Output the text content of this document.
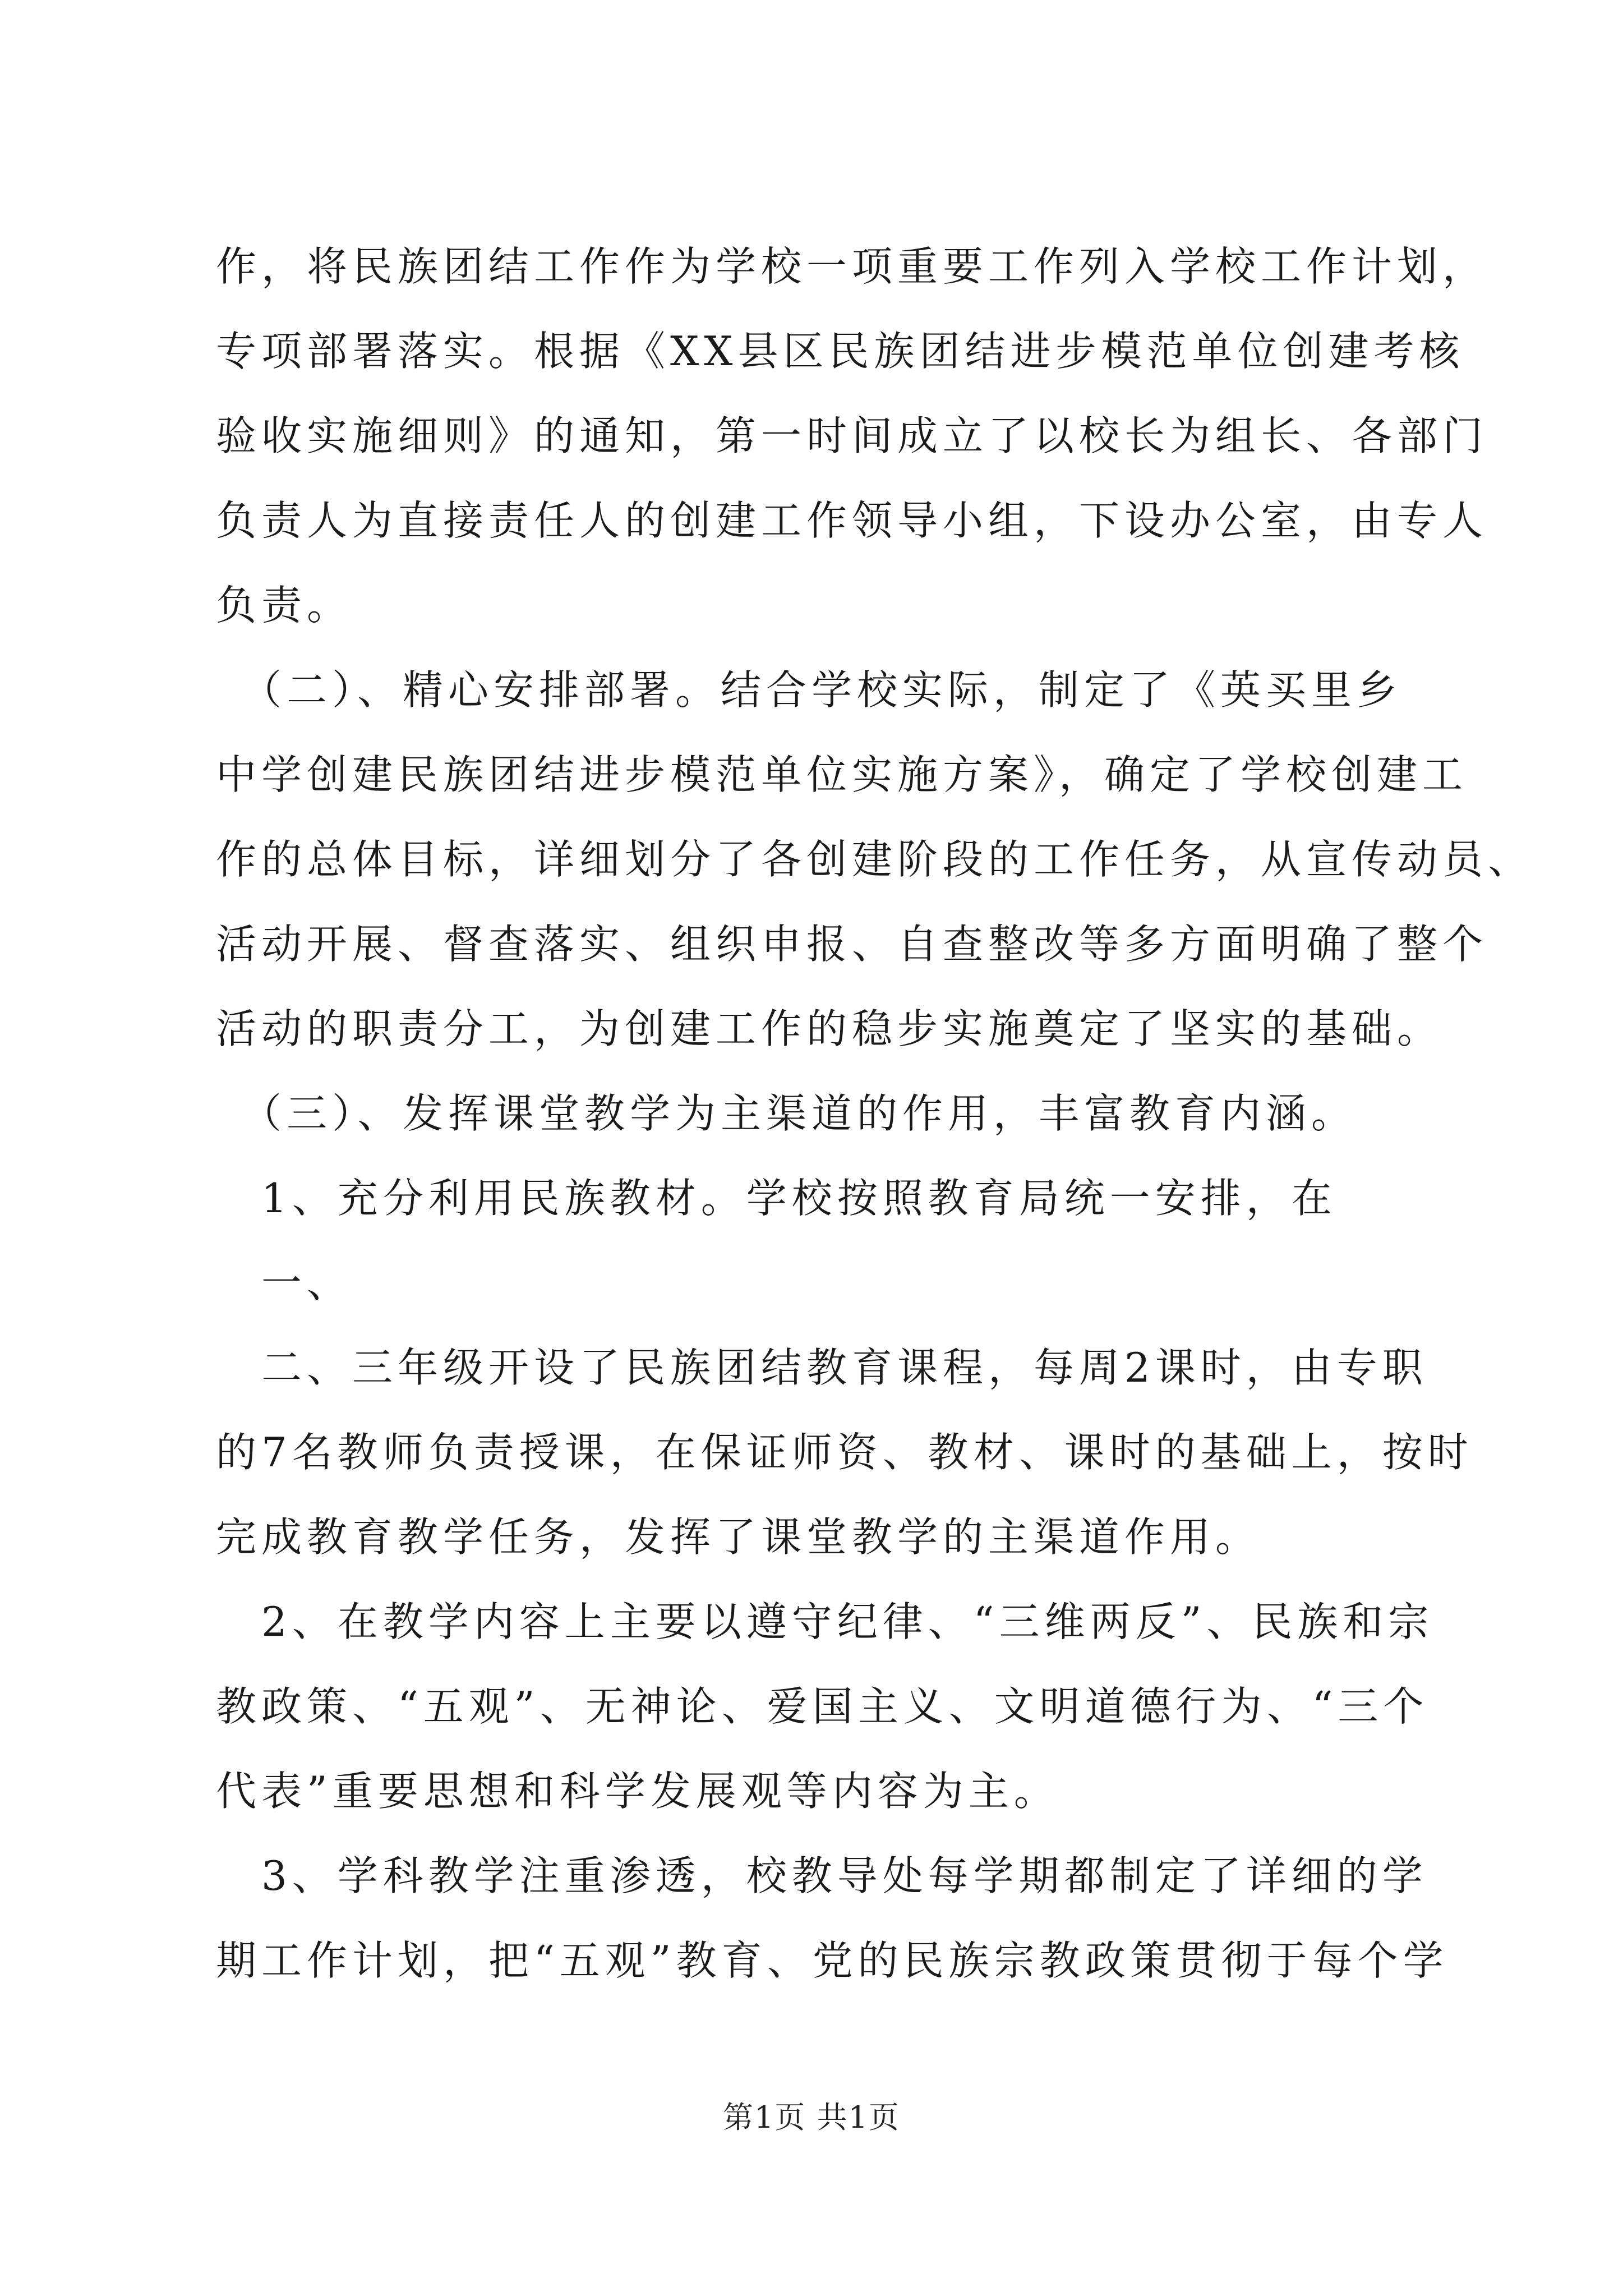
作，将民族团结工作作为学校一项重要工作列入学校工作计划，

专项部署落实。根据《XX县区民族团结进步模范单位创建考核

验收实施细则》的通知，第一时间成立了以校长为组长、各部门

负责人为直接责任人的创建工作领导小组，下设办公室，由专人

负责。

　（二）、精心安排部署。结合学校实际，制定了《英买里乡

中学创建民族团结进步模范单位实施方案》，确定了学校创建工

作的总体目标，详细划分了各创建阶段的工作任务，从宣传动员、

活动开展、督查落实、组织申报、自查整改等多方面明确了整个

活动的职责分工，为创建工作的稳步实施奠定了坚实的基础。

　（三）、发挥课堂教学为主渠道的作用，丰富教育内涵。

　1、充分利用民族教材。学校按照教育局统一安排，在

　一、

　二、三年级开设了民族团结教育课程，每周2课时，由专职

的7名教师负责授课，在保证师资、教材、课时的基础上，按时

完成教育教学任务，发挥了课堂教学的主渠道作用。

　2、在教学内容上主要以遵守纪律、“三维两反”、民族和宗

教政策、“五观”、无神论、爱国主义、文明道德行为、“三个

代表”重要思想和科学发展观等内容为主。

　3、学科教学注重渗透，校教导处每学期都制定了详细的学

期工作计划，把“五观”教育、党的民族宗教政策贯彻于每个学

第1页 共1页
